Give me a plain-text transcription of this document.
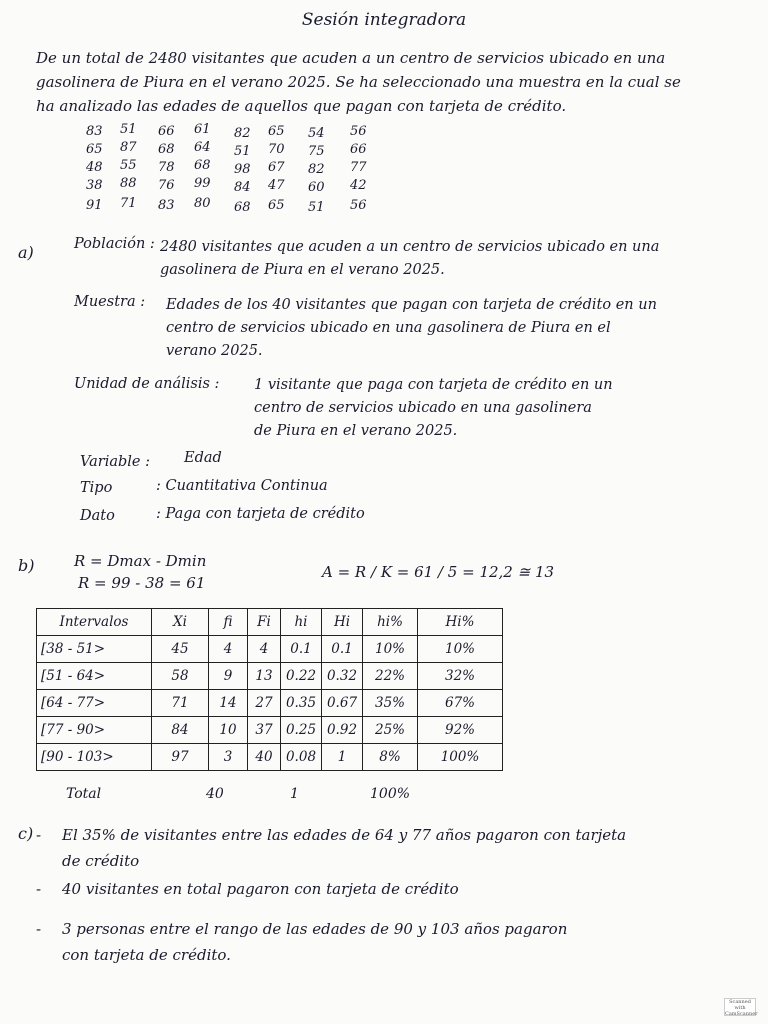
Sesión integradora
De un total de 2480 visitantes que acuden a un centro de servicios ubicado en una
gasolinera de Piura en el verano 2025. Se ha seleccionado una muestra en la cual se
ha analizado las edades de aquellos que pagan con tarjeta de crédito.
83	51	66	61	82	65	54	56
65	87	68	64	51	70	75	66
48	55	78	68	98	67	82	77
38	88	76	99	84	47	60	42
91	71	83	80	68	65	51	56
a)	Población : 2480 visitantes que acuden a un centro de servicios ubicado en una
gasolinera de Piura en el verano 2025.
Muestra : Edades de los 40 visitantes que pagan con tarjeta de crédito en un
centro de servicios ubicado en una gasolinera de Piura en el
verano 2025.
Unidad de análisis : 1 visitante que paga con tarjeta de crédito en un
centro de servicios ubicado en una gasolinera
de Piura en el verano 2025.
Variable : Edad
Tipo	: Cuantitativa Continua
Dato	: Paga con tarjeta de crédito
b)	R = Dmax - Dmin
R = 99 - 38 = 61
A = R / K = 61 / 5 = 12,2 ≅ 13
Intervalos	Xi	fi	Fi	hi	Hi	hi%	Hi%
[38 - 51>	45	4	4	0.1	0.1	10%	10%
[51 - 64>	58	9	13	0.22	0.32	22%	32%
[64 - 77>	71	14	27	0.35	0.67	35%	67%
[77 - 90>	84	10	37	0.25	0.92	25%	92%
[90 - 103>	97	3	40	0.08	1	8%	100%
Total	40	1	100%
c) - El 35% de visitantes entre las edades de 64 y 77 años pagaron con tarjeta
de crédito
- 40 visitantes en total pagaron con tarjeta de crédito
- 3 personas entre el rango de las edades de 90 y 103 años pagaron
con tarjeta de crédito.
Scanned with CamScanner
